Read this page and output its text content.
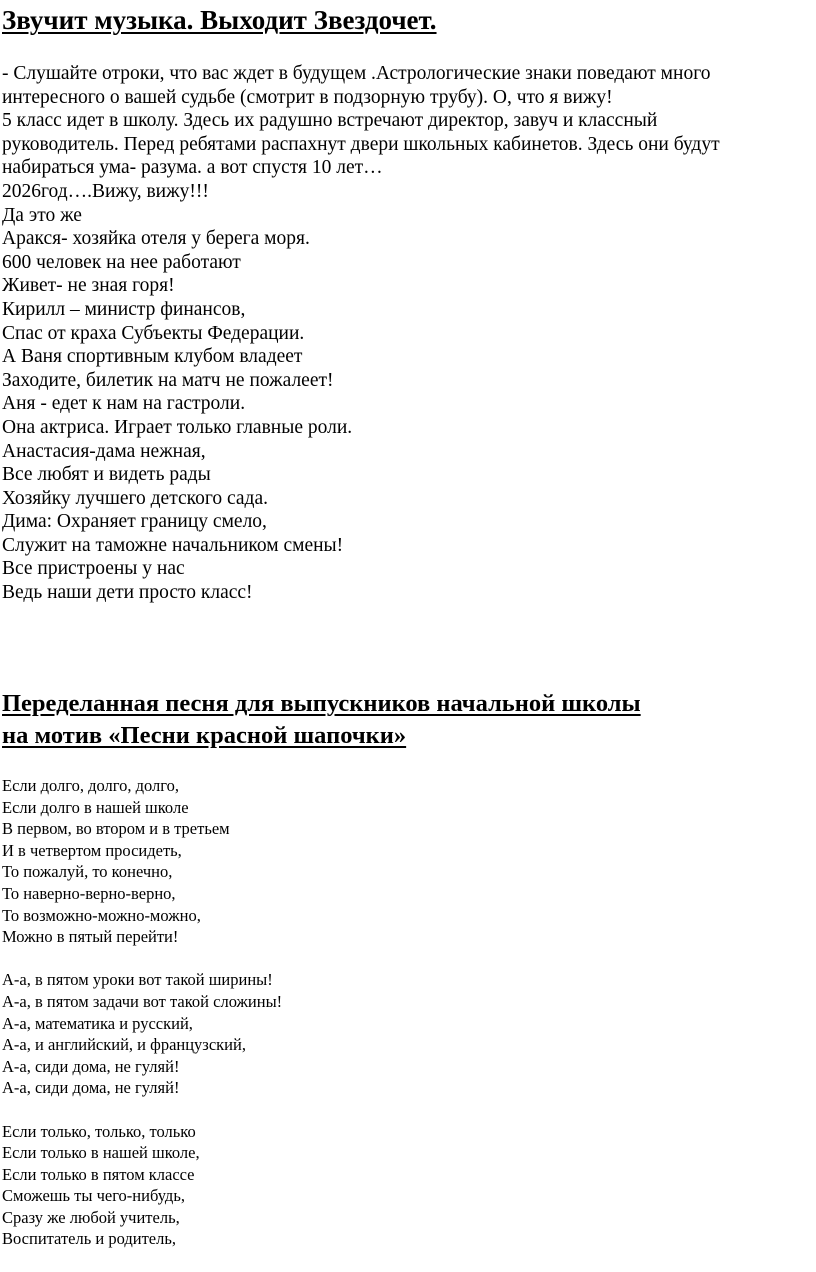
Звучит музыка. Выходит Звездочет.

- Слушайте отроки, что вас ждет в будущем .Астрологические знаки поведают много

интересного о вашей судьбе (смотрит в подзорную трубу). О, что я вижу!

5 класс идет в школу. Здесь их радушно встречают директор, завуч и классный

руководитель. Перед ребятами распахнут двери школьных кабинетов. Здесь они будут

набираться ума- разума. а вот спустя 10 лет…

2026год….Вижу, вижу!!!

Да это же

Аракся- хозяйка отеля у берега моря.

600 человек на нее работают

Живет- не зная горя!

Кирилл – министр финансов,

Спас от краха Субъекты Федерации.

А Ваня спортивным клубом владеет

Заходите, билетик на матч не пожалеет!

Аня - едет к нам на гастроли.

Она актриса. Играет только главные роли.

Анастасия-дама нежная,

Все любят и видеть рады

Хозяйку лучшего детского сада.

Дима: Охраняет границу смело,

Служит на таможне начальником смены!

Все пристроены у нас

Ведь наши дети просто класс!

Переделанная песня для выпускников начальной школы
на мотив «Песни красной шапочки»

Если долго, долго, долго,

Если долго в нашей школе

В первом, во втором и в третьем

И в четвертом просидеть,

То пожалуй, то конечно,

То наверно-верно-верно,

То возможно-можно-можно,

Можно в пятый перейти!

А-а, в пятом уроки вот такой ширины!

А-а, в пятом задачи вот такой сложины!

А-а, математика и русский,

А-а, и английский, и французский,

А-а, сиди дома, не гуляй!

А-а, сиди дома, не гуляй!

Если только, только, только

Если только в нашей школе,

Если только в пятом классе

Сможешь ты чего-нибудь,

Сразу же любой учитель,

Воспитатель и родитель,
